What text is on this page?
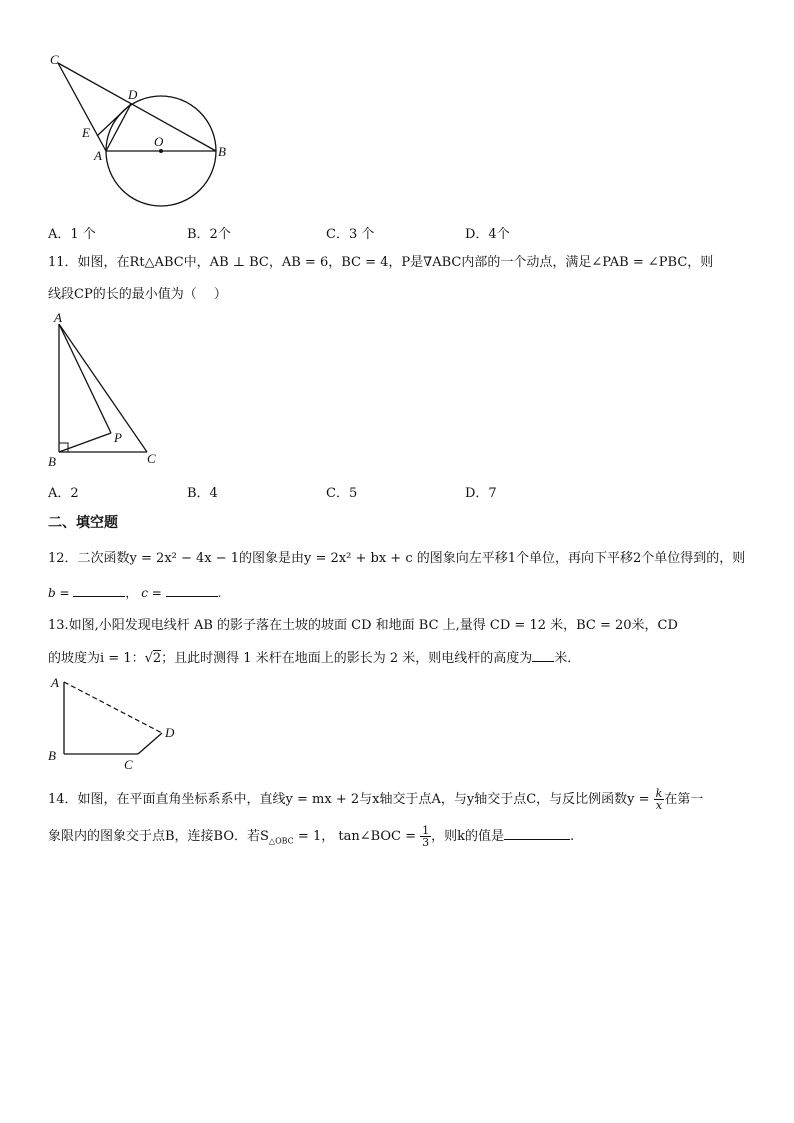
C
D
E
A
O
B
A．1 个	B．2个	C．3 个	D．4个
11．如图，在Rt△ABC中，AB ⊥ BC，AB = 6，BC = 4，P是∇ABC内部的一个动点，满足∠PAB = ∠PBC，则
线段CP的长的最小值为（　 ）
A
B	C
P
A．2	B．4	C．5	D．7
二、填空题
12．二次函数y = 2x² − 4x − 1的图象是由y = 2x² + bx + c 的图象向左平移1个单位，再向下平移2个单位得到的，则
b =	， c =	.
13.如图,小阳发现电线杆 AB 的影子落在土坡的坡面 CD 和地面 BC 上,量得 CD = 12 米，BC = 20米，CD
的坡度为i = 1：√2；且此时测得 1 米杆在地面上的影长为 2 米，则电线杆的高度为 米．
A
B
C
D
14．如图，在平面直角坐标系系中，直线y = mx + 2与x轴交于点A，与y轴交于点C，与反比例函数$y = \frac{k}{x}$ 在第一
象限内的图象交于点B，连接BO．若$S_{\triangle OBC} = 1$， tan∠BOC = $\frac{1}{3}$ ，则k的值是	.
